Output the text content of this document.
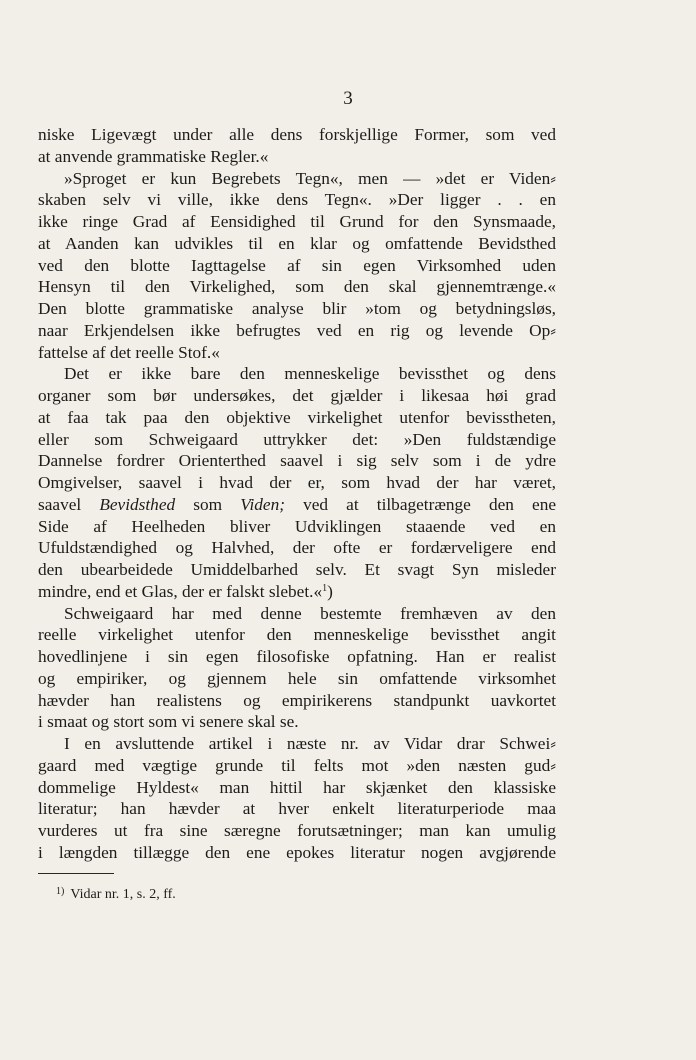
3
niske Ligevægt under alle dens forskjellige Former, som ved
at anvende grammatiske Regler.«
»Sproget er kun Begrebets Tegn«, men — »det er Viden⸗
skaben selv vi ville, ikke dens Tegn«. »Der ligger . . en
ikke ringe Grad af Eensidighed til Grund for den Synsmaade,
at Aanden kan udvikles til en klar og omfattende Bevidsthed
ved den blotte Iagttagelse af sin egen Virksomhed uden
Hensyn til den Virkelighed, som den skal gjennemtrænge.«
Den blotte grammatiske analyse blir »tom og betydningsløs,
naar Erkjendelsen ikke befrugtes ved en rig og levende Op⸗
fattelse af det reelle Stof.«
Det er ikke bare den menneskelige bevissthet og dens
organer som bør undersøkes, det gjælder i likesaa høi grad
at faa tak paa den objektive virkelighet utenfor bevisstheten,
eller som Schweigaard uttrykker det: »Den fuldstændige
Dannelse fordrer Orienterthed saavel i sig selv som i de ydre
Omgivelser, saavel i hvad der er, som hvad der har været,
saavel Bevidsthed som Viden; ved at tilbagetrænge den ene
Side af Heelheden bliver Udviklingen staaende ved en
Ufuldstændighed og Halvhed, der ofte er fordærveligere end
den ubearbeidede Umiddelbarhed selv. Et svagt Syn misleder
mindre, end et Glas, der er falskt slebet.«$^1$)
Schweigaard har med denne bestemte fremhæven av den
reelle virkelighet utenfor den menneskelige bevissthet angit
hovedlinjene i sin egen filosofiske opfatning. Han er realist
og empiriker, og gjennem hele sin omfattende virksomhet
hævder han realistens og empirikerens standpunkt uavkortet
i smaat og stort som vi senere skal se.
I en avsluttende artikel i næste nr. av Vidar drar Schwei⸗
gaard med vægtige grunde til felts mot »den næsten gud⸗
dommelige Hyldest« man hittil har skjænket den klassiske
literatur; han hævder at hver enkelt literaturperiode maa
vurderes ut fra sine særegne forutsætninger; man kan umulig
i længden tillægge den ene epokes literatur nogen avgjørende
$^{1)}$ Vidar nr. 1, s. 2, ff.
